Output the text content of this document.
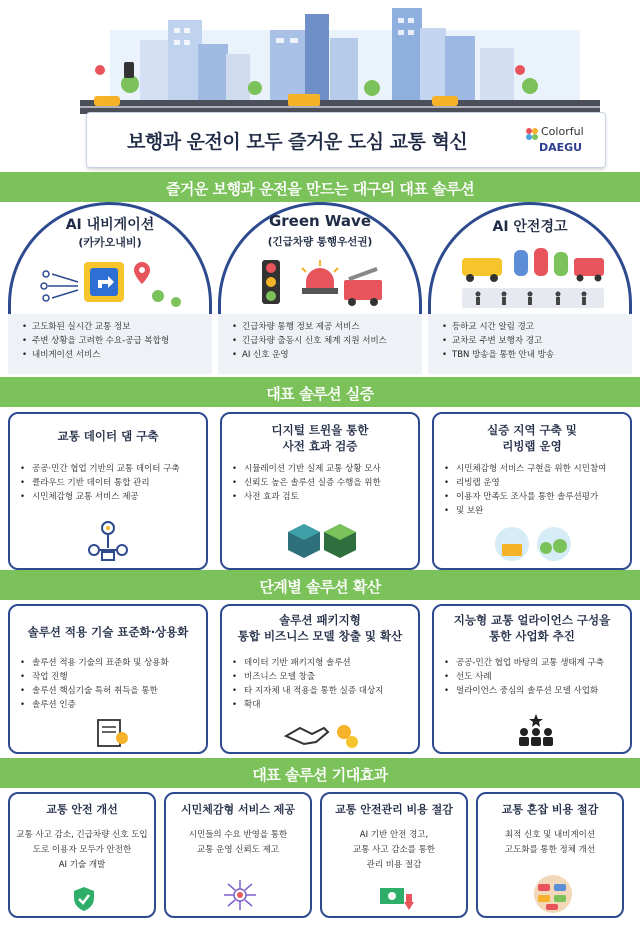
보행과 운전이 모두 즐거운 도심 교통 혁신	Colorful
DAEGU
즐거운 보행과 운전을 만드는 대구의 대표 솔루션
AI 내비게이션
(카카오내비)
• 고도화된 실시간 교통 정보
• 주변 상황을 고려한 수요-공급 복합형
• 내비게이션 서비스
Green Wave
(긴급차량 통행우선권)
• 긴급차량 통행 정보 제공 서비스
• 긴급차량 출동시 신호 체계 지원 서비스
• AI 신호 운영
AI 안전경고
• 등하교 시간 알림 경고
• 교차로 주변 보행자 경고
• TBN 방송을 통한 안내 방송
대표 솔루션 실증
교통 데이터 댐 구축
• 공공·민간 협업 기반의 교통 데이터 구축
• 클라우드 기반 데이터 통합 관리
• 시민체감형 교통 서비스 제공
디지털 트윈을 통한
사전 효과 검증
• 시뮬레이션 기반 실제 교통 상황 모사
• 신뢰도 높은 솔루션 실증 수행을 위한
• 사전 효과 검토
실증 지역 구축 및
리빙랩 운영
• 시민체감형 서비스 구현을 위한 시민참여
• 리빙랩 운영
• 이용자 만족도 조사를 통한 솔루션평가
• 및 보완
단계별 솔루션 확산
솔루션 적용 기술 표준화·상용화
• 솔루션 적용 기술의 표준화 및 상용화
• 작업 진행
• 솔루션 핵심기술 특허 취득을 통한
• 솔루션 인증
솔루션 패키지형
통합 비즈니스 모델 창출 및 확산
• 데이터 기반 패키지형 솔루션
• 비즈니스 모델 창출
• 타 지자체 내 적용을 통한 실증 대상지
• 확대
지능형 교통 얼라이언스 구성을
통한 사업화 추진
• 공공-민간 협업 바탕의 교통 생태계 구축
• 선도 사례
• 얼라이언스 중심의 솔루션 모델 사업화
대표 솔루션 기대효과
교통 안전 개선
교통 사고 감소, 긴급차량 신호 도입
도로 이용자 모두가 안전한
AI 기술 개발
시민체감형 서비스 제공
시민들의 수요 반영을 통한
교통 운영 신뢰도 제고
교통 안전관리 비용 절감
AI 기반 안전 경고,
교통 사고 감소를 통한
관리 비용 절감
교통 혼잡 비용 절감
최적 신호 및 내비게이션
고도화를 통한 정체 개선
